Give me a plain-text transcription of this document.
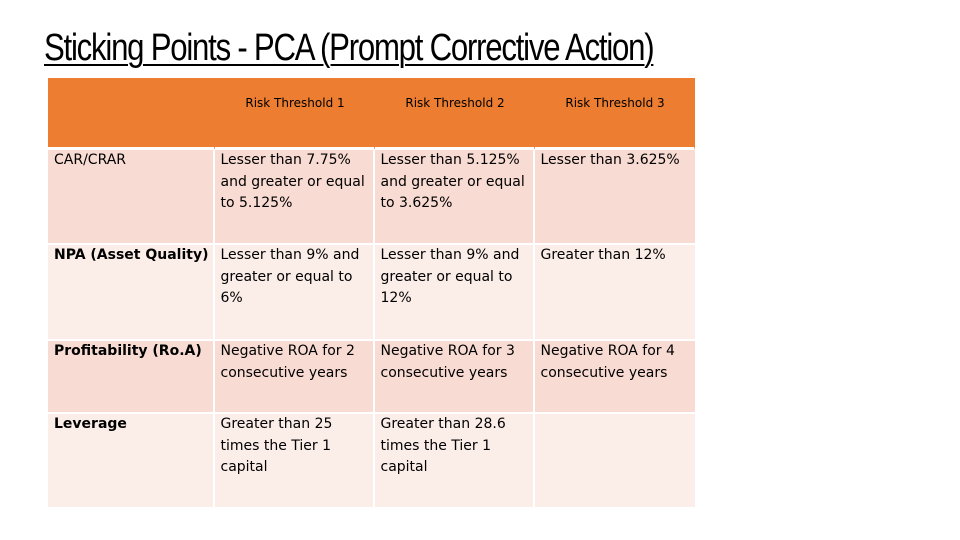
Sticking Points - PCA (Prompt Corrective Action)
	Risk Threshold 1	Risk Threshold 2	Risk Threshold 3
CAR/CRAR	Lesser than 7.75% and greater or equal to 5.125%	Lesser than 5.125% and greater or equal to 3.625%	Lesser than 3.625%
NPA (Asset Quality)	Lesser than 9% and greater or equal to 6%	Lesser than 9% and greater or equal to 12%	Greater than 12%
Profitability (Ro.A)	Negative ROA for 2 consecutive years	Negative ROA for 3 consecutive years	Negative ROA for 4 consecutive years
Leverage	Greater than 25 times the Tier 1 capital	Greater than 28.6 times the Tier 1 capital	
